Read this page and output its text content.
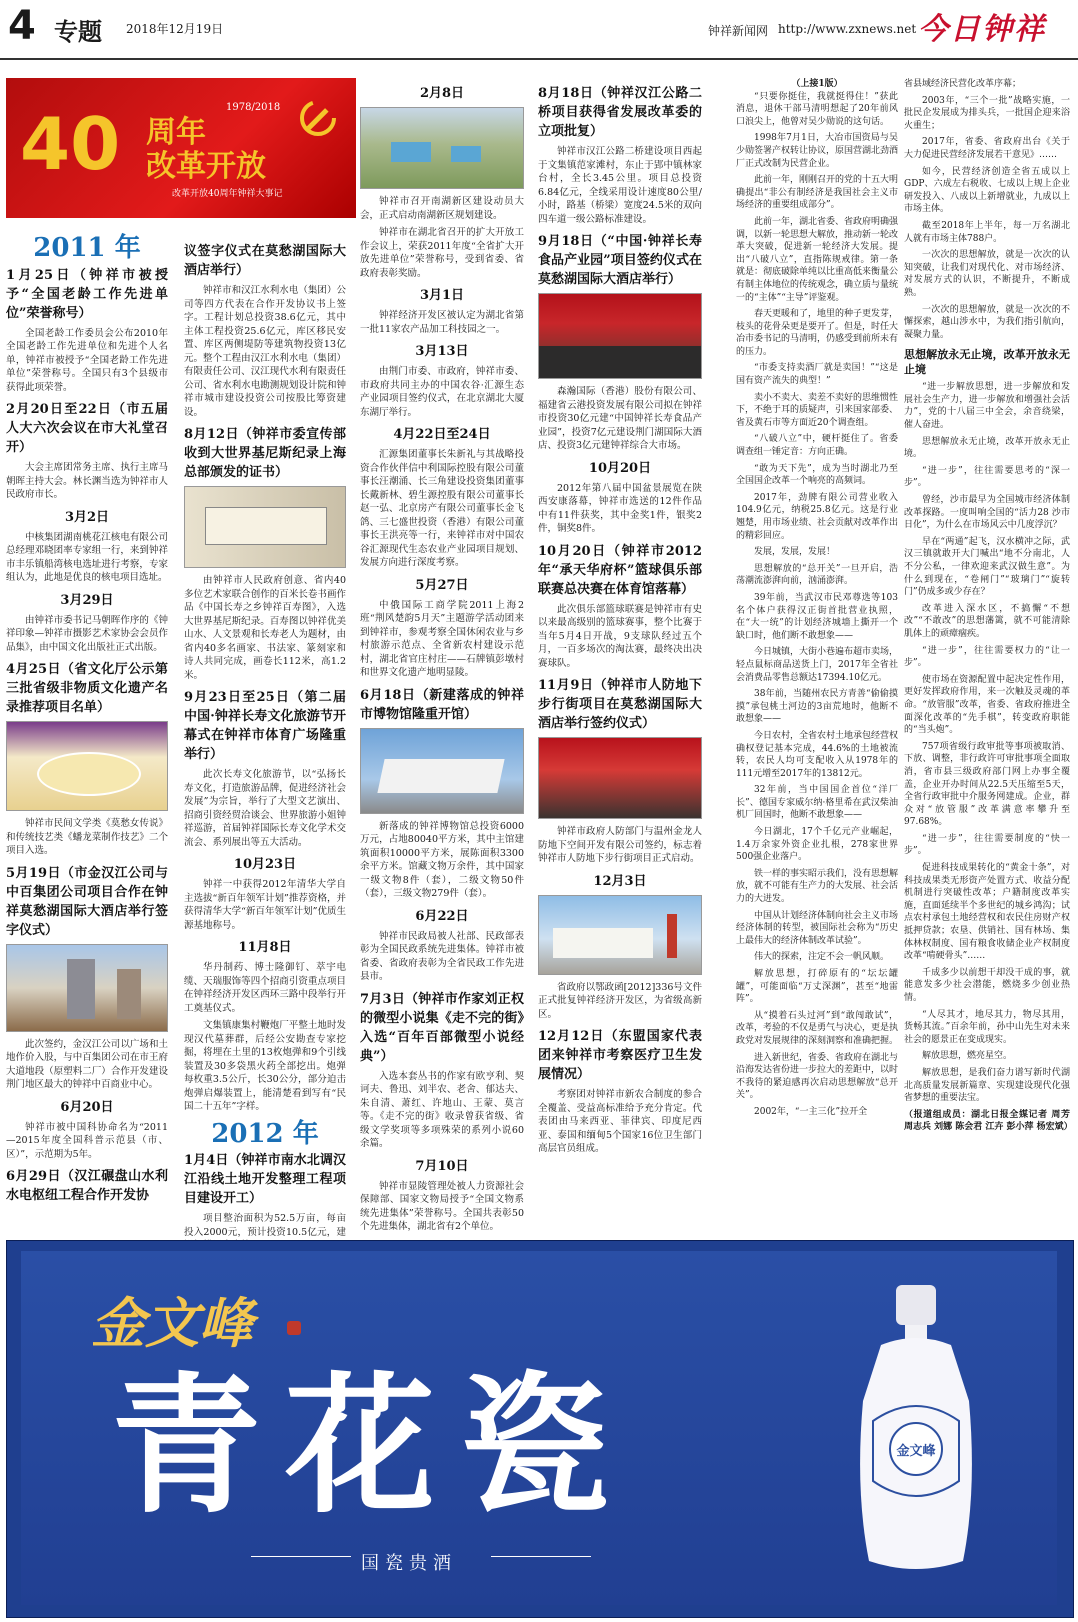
4 专题 2018年12月19日	钟祥新闻网 http://www.zxnews.net 今日钟祥
40	1978/2018
周年
改革开放
改革开放40周年钟祥大事记
2011 年
1月25日（钟祥市被授予“全国老龄工作先进单位”荣誉称号）

全国老龄工作委员会公布2010年全国老龄工作先进单位和先进个人名单，钟祥市被授予“全国老龄工作先进单位”荣誉称号。全国只有3个县级市获得此项荣誉。

2月20日至22日（市五届人大六次会议在市大礼堂召开）

大会主席团常务主席、执行主席马朝晖主持大会。林长渊当选为钟祥市人民政府市长。

3月2日

中核集团湖南桃花江核电有限公司总经理邓晓团率专家组一行，来到钟祥市丰乐镇船湾核电选址进行考察，专家组认为，此地是优良的核电项目选址。

3月29日

由钟祥市委书记马朝晖作序的《钟祥印象—钟祥市摄影艺术家协会会员作品集》，由中国文化出版社正式出版。

4月25日（省文化厅公示第三批省级非物质文化遗产名录推荐项目名单）

钟祥市民间文学类《莫愁女传说》和传统技艺类《蟠龙菜制作技艺》二个项目入选。

5月19日（市金汉江公司与中百集团公司项目合作在钟祥莫愁湖国际大酒店举行签字仪式）

此次签约，金汉江公司以广场和土地作价入股，与中百集团公司在市王府大道地段（原塑料二厂）合作开发建设荆门地区最大的钟祥中百商业中心。

6月20日

钟祥市被中国科协命名为“2011—2015年度全国科普示范县（市、区）”，示范期为5年。

6月29日（汉江碾盘山水利水电枢纽工程合作开发协
议签字仪式在莫愁湖国际大酒店举行）

钟祥市和汉江水利水电（集团）公司等四方代表在合作开发协议书上签字。工程计划总投资38.6亿元，其中主体工程投资25.6亿元，库区移民安置、库区两侧堤防等建筑物投资13亿元。整个工程由汉江水利水电（集团）有限责任公司、汉江现代水利有限责任公司、省水利水电勘测规划设计院和钟祥市城市建设投资公司按股比筹资建设。

8月12日（钟祥市委宣传部收到大世界基尼斯纪录上海总部颁发的证书）

由钟祥市人民政府创意、省内40多位艺术家联合创作的百米长卷书画作品《中国长寿之乡钟祥百寿图》，入选大世界基尼斯纪录。百寿图以钟祥优美山水、人文景观和长寿老人为题材，由省内40多名画家、书法家、篆刻家和诗人共同完成，画卷长112米，高1.2米。

9月23日至25日（第二届中国·钟祥长寿文化旅游节开幕式在钟祥市体育广场隆重举行）

此次长寿文化旅游节，以“弘扬长寿文化，打造旅游品牌，促进经济社会发展”为宗旨，举行了大型文艺演出、招商引资经贸洽谈会、世界旅游小姐钟祥巡游，首届钟祥国际长寿文化学术交流会、系列展出等五大活动。

10月23日

钟祥一中获得2012年清华大学自主选拔“新百年领军计划”推荐资格，并获得清华大学“新百年领军计划”优质生源基地称号。

11月8日

华丹制药、博士隆御钉、萃宇电缆、天瑞服饰等四个招商引资重点项目在钟祥经济开发区西环三路中段举行开工奠基仪式。

文集镇康集村鞭炮厂平整土地时发现汉代墓葬群，后经公安勘查专家挖掘，将埋在土里的13枚炮弹和9个引线装置及30多袋黑火药全部挖出。炮弹每枚重3.5公斤，长30公分，部分迫击炮弹启爆装置上，能清楚看到写有“民国二十五年”字样。

2012 年
1月4日（钟祥市南水北调汉江沿线土地开发整理工程项目建设开工）

项目整治面积为52.5万亩，每亩投入2000元，预计投资10.5亿元，建

2月8日

钟祥市召开南湖新区建设动员大会，正式启动南湖新区规划建设。

钟祥市在湖北省召开的扩大开放工作会议上，荣获2011年度“全省扩大开放先进单位”荣誉称号，受到省委、省政府表彰奖励。

3月1日

钟祥经济开发区被认定为湖北省第一批11家农产品加工科技园之一。

3月13日

由荆门市委、市政府，钟祥市委、市政府共同主办的中国农谷·汇源生态产业园项目签约仪式，在北京湖北大厦东湖厅举行。

4月22日至24日

汇源集团董事长朱新礼与其战略投资合作伙伴信中利国际控股有限公司董事长汪潮涌、长三角建设投资集团董事长戴新林、碧生源控股有限公司董事长赵一弘、北京房产有限公司董事长金飞鸽、三七盛世投资（香港）有限公司董事长王洪亮等一行，来钟祥市对中国农谷汇源现代生态农业产业园项目规划、发展方向进行深度考察。

5月27日

中俄国际工商学院2011上海2班“荆风楚韵5月天”主题游学活动团来到钟祥市，参观考察全国休闲农业与乡村旅游示范点、全省新农村建设示范村，湖北省官庄村庄——石牌镇彭墩村和世界文化遗产地明显陵。

6月18日（新建落成的钟祥市博物馆隆重开馆）

新落成的钟祥博物馆总投资6000万元，占地80040平方米，其中主馆建筑面积10000平方米，展陈面积3300余平方米。馆藏文物万余件，其中国家一级文物8件（套），二级文物50件（套），三级文物279件（套）。

6月22日

钟祥市民政局被人社部、民政部表彰为全国民政系统先进集体。钟祥市被省委、省政府表彰为全省民政工作先进县市。

7月3日（钟祥市作家刘正权的微型小说集《走不完的街》入选“百年百部微型小说经典”）

入选本套丛书的作家有欧亨利、契诃夫、鲁迅、刘半农、老舍、郁达夫、朱自清、萧红、许地山、王蒙、莫言等。《走不完的街》收录曾获省级、省级文学奖项等多项殊荣的系列小说60余篇。

7月10日

钟祥市显陵管理处被人力资源社会保障部、国家文物局授予“全国文物系统先进集体”荣誉称号。全国共表彰50个先进集体，湖北省有2个单位。

8月18日（钟祥汉江公路二桥项目获得省发展改革委的立项批复）

钟祥市汉江公路二桥建设项目西起于文集镇范家滩村，东止于郢中镇林家台村，全长3.45公里。项目总投资6.84亿元，全线采用设计速度80公里/小时，路基（桥梁）宽度24.5米的双向四车道一级公路标准建设。

9月18日（“中国·钟祥长寿食品产业园”项目签约仪式在莫愁湖国际大酒店举行）

森瀚国际（香港）股份有限公司、福建省云港投资发展有限公司拟在钟祥市投资30亿元建“中国钟祥长寿食品产业园”，投资7亿元建设荆门湖国际大酒店、投资3亿元建钟祥综合大市场。

10月20日

2012年第八届中国盆景展览在陕西安康落幕，钟祥市选送的12件作品中有11件获奖，其中金奖1件，银奖2件，铜奖8件。

10月20日（钟祥市2012年“承天华府杯”篮球俱乐部联赛总决赛在体育馆落幕）

此次俱乐部篮球联赛是钟祥市有史以来最高级别的篮球赛事，整个比赛于当年5月4日开战，9支球队经过五个月，一百多场次的淘汰赛，最终决出决赛球队。

11月9日（钟祥市人防地下步行街项目在莫愁湖国际大酒店举行签约仪式）

钟祥市政府人防部门与温州金龙人防地下空间开发有限公司签约，标志着钟祥市人防地下步行街项目正式启动。

12月3日

省政府以鄂政函[2012]336号文件正式批复钟祥经济开发区，为省级高新区。

12月12日（东盟国家代表团来钟祥市考察医疗卫生发展情况）

考察团对钟祥市新农合制度的参合全覆盖、受益高标准给予充分肯定。代表团由马来西亚、菲律宾、印度尼西亚、泰国和缅甸5个国家16位卫生部门高层官员组成。

（上接1版）

“只要你挺住，我就挺得住！”获此消息，退休干部马清明想起了20年前风口浪尖上，他曾对吴少勋说的这句话。

1998年7月1日，大冶市国资局与吴少勋签署产权转让协议，原国营湖北劲酒厂正式改制为民营企业。

此前一年，刚刚召开的党的十五大明确提出“非公有制经济是我国社会主义市场经济的重要组成部分”。

此前一年，湖北省委、省政府明确强调，以新一轮思想大解放，推动新一轮改革大突破，促进新一轮经济大发展。提出“八破八立”，直指陈规戒律。第一条就是：彻底破除单纯以比重高低来衡量公有制主体地位的传统观念，确立质与量统一的“主体”“主导”评鉴观。

春天更暖和了，地里的种子更发芽，枝头的花骨朵更是要开了。但是，时任大冶市委书记的马清明，仍感受到前所未有的压力。

“市委支持卖酒厂就是卖国！”“这是国有资产流失的典型！”

卖小不卖大、卖差不卖好的思维惯性下，不绝于耳的质疑声，引来国家部委、省及黄石市等方面近20个调查组。

“八破八立”中，硬杆挺住了。省委调查组一锤定音：方向正确。

“敢为天下先”，成为当时湖北乃至全国国企改革一个响亮的高频词。

2017年，劲牌有限公司营业收入104.9亿元，纳税25.8亿元。这是行业翘楚，用市场业绩、社会贡献对改革作出的精彩回应。

发展，发展，发展！

思想解放的“总开关”一旦开启，浩荡潮流澎湃向前，汹涌澎湃。

39年前，当武汉市民邓尊选等103名个体户获得汉正街首批营业执照，在“大一统”的计划经济城墙上撕开一个缺口时，他们断不敢想象——

今日城镇，大街小巷遍布超市卖场，轻点鼠标商品送货上门，2017年全省社会消费品零售总额达17394.10亿元。

38年前，当随州农民方青善“偷偷摸摸”承包桃土河边的3亩荒地时，他断不敢想象——

今日农村，全省农村土地承包经营权确权登记基本完成，44.6%的土地被流转，农民人均可支配收入从1978年的111元增至2017年的13812元。

32年前，当中国国企首位“洋厂长”、德国专家威尔纳·格里希在武汉柴油机厂回国时，他断不敢想象——

今日湖北，17个千亿元产业崛起，1.4万余家外资企业扎根，278家世界500强企业落户。

铁一样的事实昭示我们，没有思想解放，就不可能有生产力的大发展、社会活力的大迸发。

中国从计划经济体制向社会主义市场经济体制的转型，被国际社会称为“历史上最伟大的经济体制改革试验”。

伟大的探索，注定不会一帆风顺。

解放思想，打碎原有的“坛坛罐罐”，可能面临“万丈深渊”，甚至“地雷阵”。

从“摸着石头过河”到“敢闯敢试”，改革，考验的不仅是勇气与决心，更是执政党对发展规律的深刻洞察和准确把握。

进入新世纪，省委、省政府在湖北与沿海发达省份进一步拉大的差距中，以时不我待的紧迫感再次启动思想解放“总开关”。

2002年，“一主三化”拉开全

省县域经济民营化改革序幕；

2003年，“三个一批”战略实施，一批民企发展成为排头兵，一批国企迎来浴火重生；

2017年，省委、省政府出台《关于大力促进民营经济发展若干意见》……

如今，民营经济创造全省五成以上GDP、六成左右税收、七成以上规上企业研发投入、八成以上新增就业，九成以上市场主体。

截至2018年上半年，每一万名湖北人就有市场主体788户。

一次次的思想解放，就是一次次的认知突破，让我们对现代化、对市场经济、对发展方式的认识，不断提升，不断成熟。

一次次的思想解放，就是一次次的不懈探索，越山涉水中，为我们指引航向，凝聚力量。

思想解放永无止境，改革开放永无止境

“进一步解放思想，进一步解放和发展社会生产力，进一步解放和增强社会活力”，党的十八届三中全会，余音绕梁，催人奋进。

思想解放永无止境，改革开放永无止境。

“进一步”，往往需要思考的“深一步”。

曾经，沙市最早为全国城市经济体制改革探路。一度叫响全国的“活力28 沙市日化”，为什么在市场风云中几度浮沉？

早在“两通”起飞，汉水横冲之际，武汉三镇就敢开大门喊出“地不分南北，人不分公私，一律欢迎来武汉做生意”。为什么到现在，“卷闸门”“玻璃门”“旋转门”仍成多或少存在？

改革进入深水区，不搞懈“不想改”“不敢改”的思想藩篱，就不可能清除肌体上的顽瘴痼疾。

“进一步”，往往需要权力的“让一步”。

使市场在资源配置中起决定性作用，更好发挥政府作用，来一次触及灵魂的革命。“放管服”改革，省委、省政府推进全面深化改革的“先手棋”，转变政府职能的“当头炮”。

757项省级行政审批等事项被取消、下放、调整，非行政许可审批事项全面取消，省市县三级政府部门网上办事全覆盖，企业开办时间从22.5天压缩至5天，全省行政审批中介服务网建成。企业，群众对“放管服”改革满意率攀升至97.68%。

“进一步”，往往需要制度的“快一步”。

促进科技成果转化的“黄金十条”，对科技成果类无形资产处置方式、收益分配机制进行突破性改革；户籍制度改革实施，直面延续半个多世纪的城乡鸿沟；试点农村承包土地经营权和农民住房财产权抵押贷款；农垦、供销社、国有林场、集体林权制度、国有粮食收储企业产权制度改革“啃硬骨头”……

千成多少以前想干却没干成的事，就能意发多少社会潜能，燃烧多少创业热情。

“人尽其才，地尽其力，物尽其用，货畅其流。”百余年前，孙中山先生对未来社会的愿景正在变成现实。

解放思想，燃亮星空。

解放思想，是我们奋力谱写新时代湖北高质量发展新篇章、实现建设现代化强省梦想的重要法宝。

（报道组成员：湖北日报全媒记者 周芳 周志兵 刘娜 陈会君 江卉 彭小萍 杨宏斌）

金文峰
青花瓷
国瓷贵酒
金文峰
